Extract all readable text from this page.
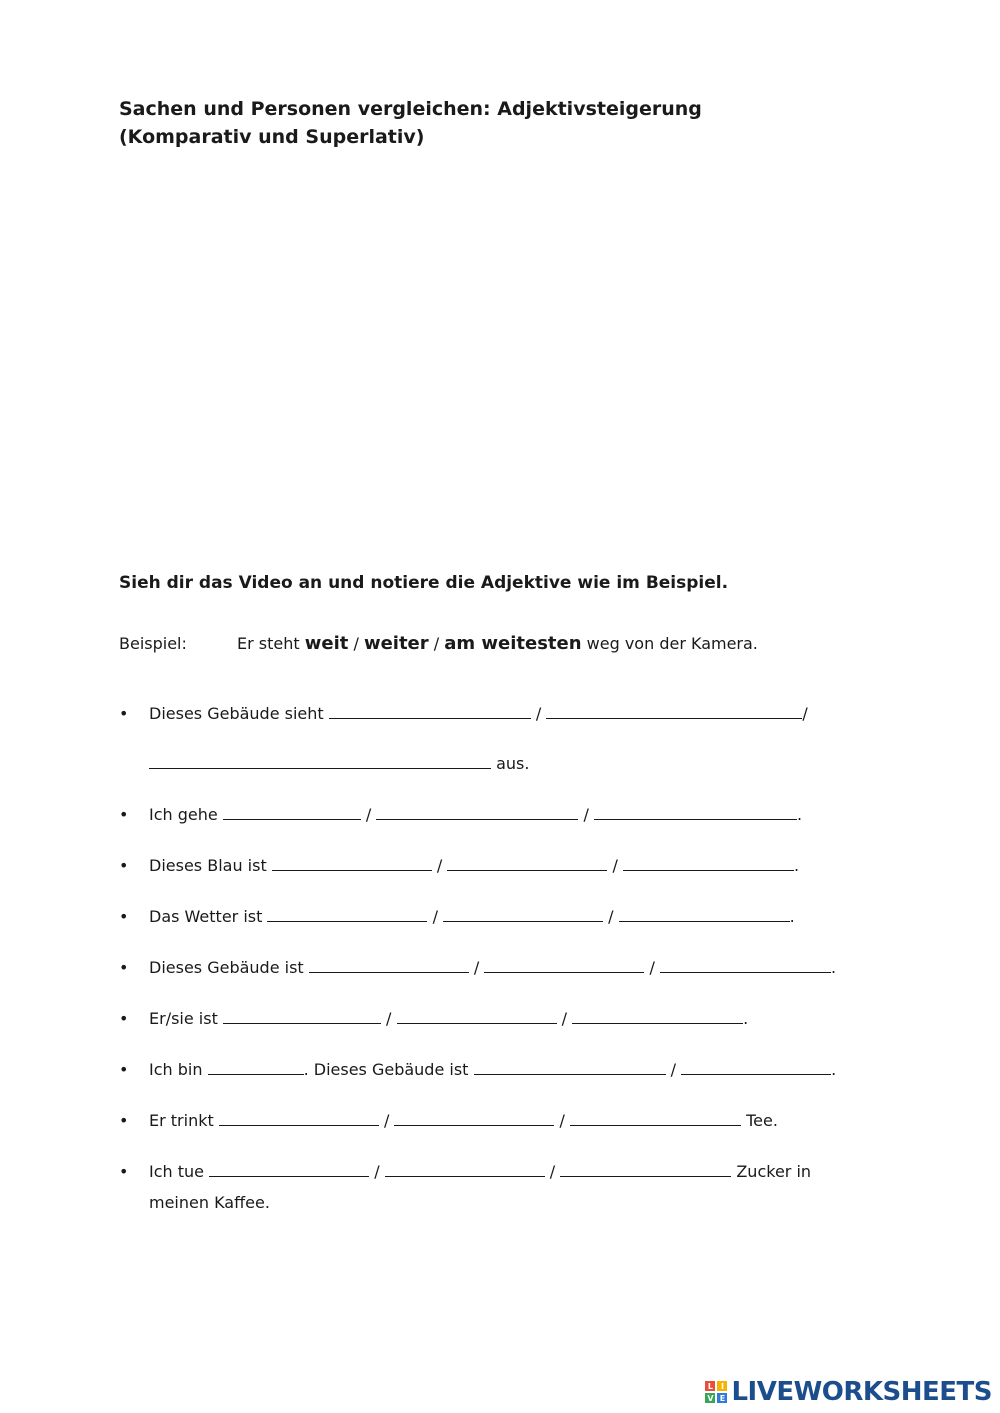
Sachen und Personen vergleichen: Adjektivsteigerung
(Komparativ und Superlativ)

Sieh dir das Video an und notiere die Adjektive wie im Beispiel.

Beispiel:	Er steht weit / weiter / am weitesten weg von der Kamera.
• Dieses Gebäude sieht	/	/
aus.
• Ich gehe	/	/	.
• Dieses Blau ist	/	/	.
• Das Wetter ist	/	/	.
• Dieses Gebäude ist	/	/	.
• Er/sie ist	/	/	.
• Ich bin	. Dieses Gebäude ist	/	.
• Er trinkt	/	/	Tee.
• Ich tue	/	/	Zucker in meinen Kaffee.
L I
V E LIVEWORKSHEETS
